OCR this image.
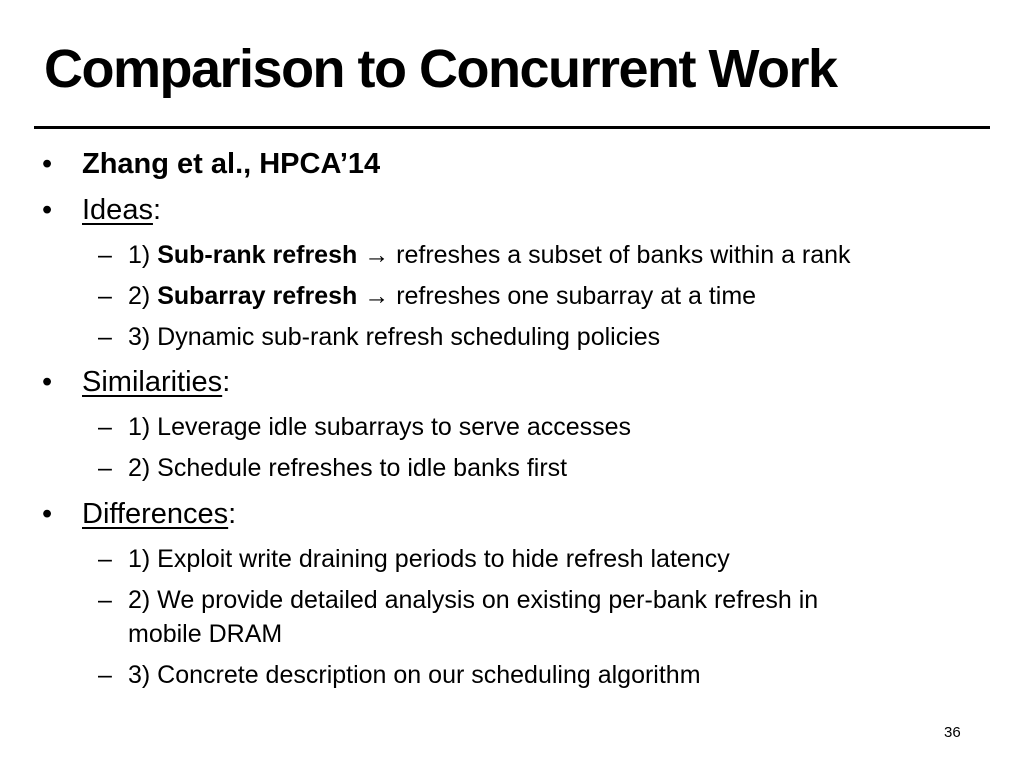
Comparison to Concurrent Work
• Zhang et al., HPCA’14
• Ideas:
– 1) Sub-rank refresh → refreshes a subset of banks within a rank
– 2) Subarray refresh → refreshes one subarray at a time
– 3) Dynamic sub-rank refresh scheduling policies
• Similarities:
– 1) Leverage idle subarrays to serve accesses
– 2) Schedule refreshes to idle banks first
• Differences:
– 1) Exploit write draining periods to hide refresh latency
– 2) We provide detailed analysis on existing per-bank refresh in
mobile DRAM
– 3) Concrete description on our scheduling algorithm
36
